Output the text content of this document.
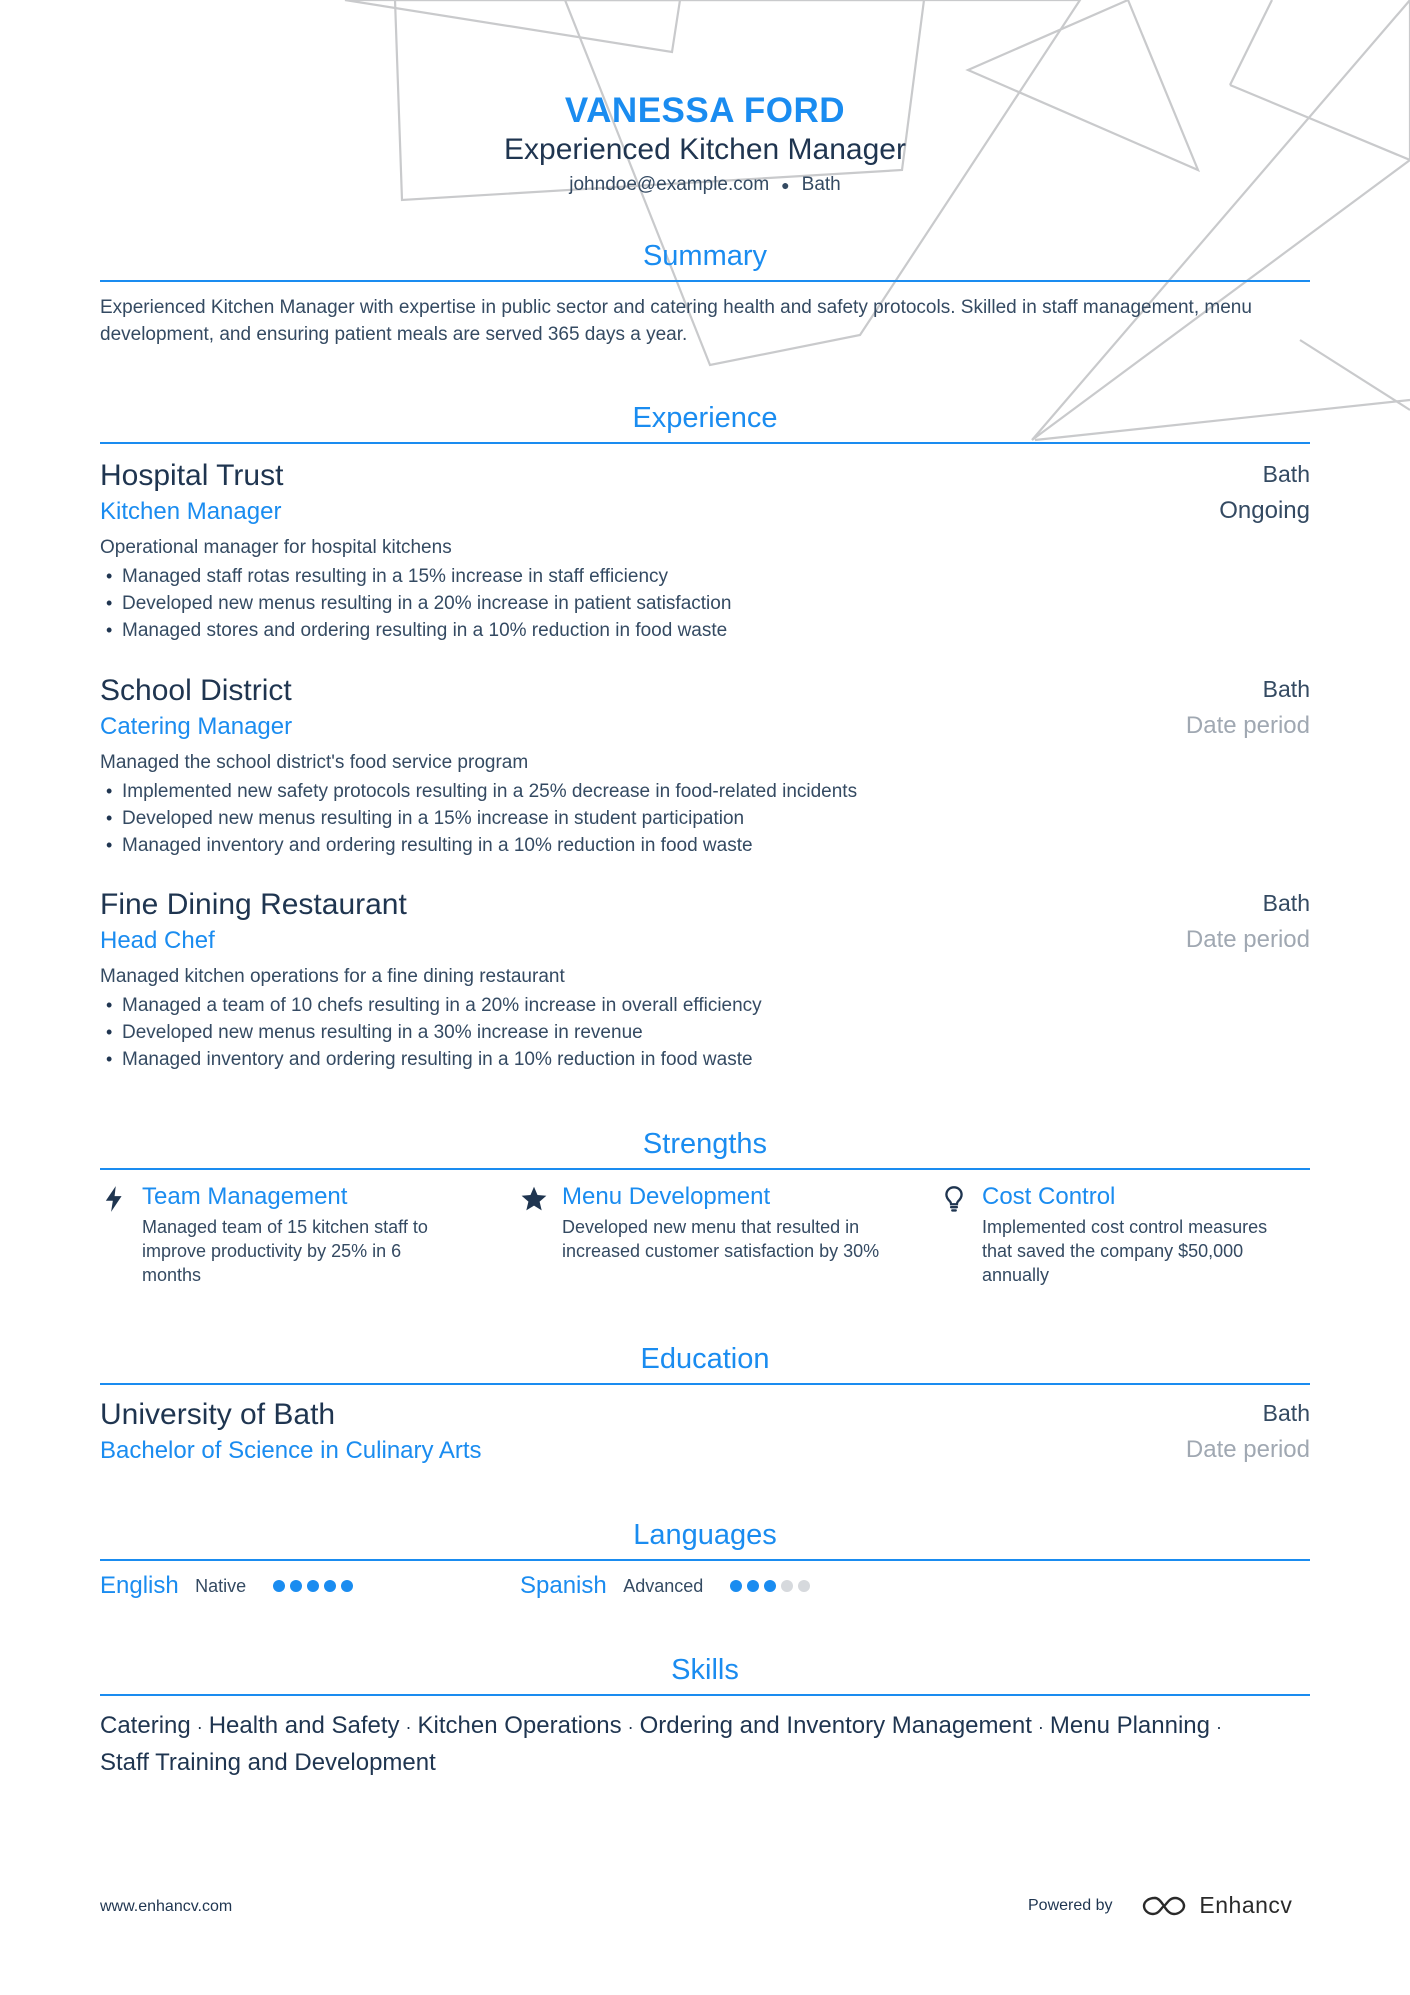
VANESSA FORD
Experienced Kitchen Manager
johndoe@example.com ● Bath
Summary
Experienced Kitchen Manager with expertise in public sector and catering health and safety protocols. Skilled in staff management, menu development, and ensuring patient meals are served 365 days a year.
Experience
Hospital Trust
Kitchen Manager
Bath
Ongoing
Operational manager for hospital kitchens
• Managed staff rotas resulting in a 15% increase in staff efficiency
• Developed new menus resulting in a 20% increase in patient satisfaction
• Managed stores and ordering resulting in a 10% reduction in food waste
School District
Catering Manager
Bath
Date period
Managed the school district's food service program
• Implemented new safety protocols resulting in a 25% decrease in food-related incidents
• Developed new menus resulting in a 15% increase in student participation
• Managed inventory and ordering resulting in a 10% reduction in food waste
Fine Dining Restaurant
Head Chef
Bath
Date period
Managed kitchen operations for a fine dining restaurant
• Managed a team of 10 chefs resulting in a 20% increase in overall efficiency
• Developed new menus resulting in a 30% increase in revenue
• Managed inventory and ordering resulting in a 10% reduction in food waste
Strengths
Team Management
Managed team of 15 kitchen staff to improve productivity by 25% in 6 months
Menu Development
Developed new menu that resulted in increased customer satisfaction by 30%
Cost Control
Implemented cost control measures that saved the company $50,000 annually
Education
University of Bath
Bachelor of Science in Culinary Arts
Bath
Date period
Languages
English Native	Spanish Advanced
Skills
Catering · Health and Safety · Kitchen Operations · Ordering and Inventory Management · Menu Planning ·
Staff Training and Development
www.enhancv.com	Powered by	Enhancv
